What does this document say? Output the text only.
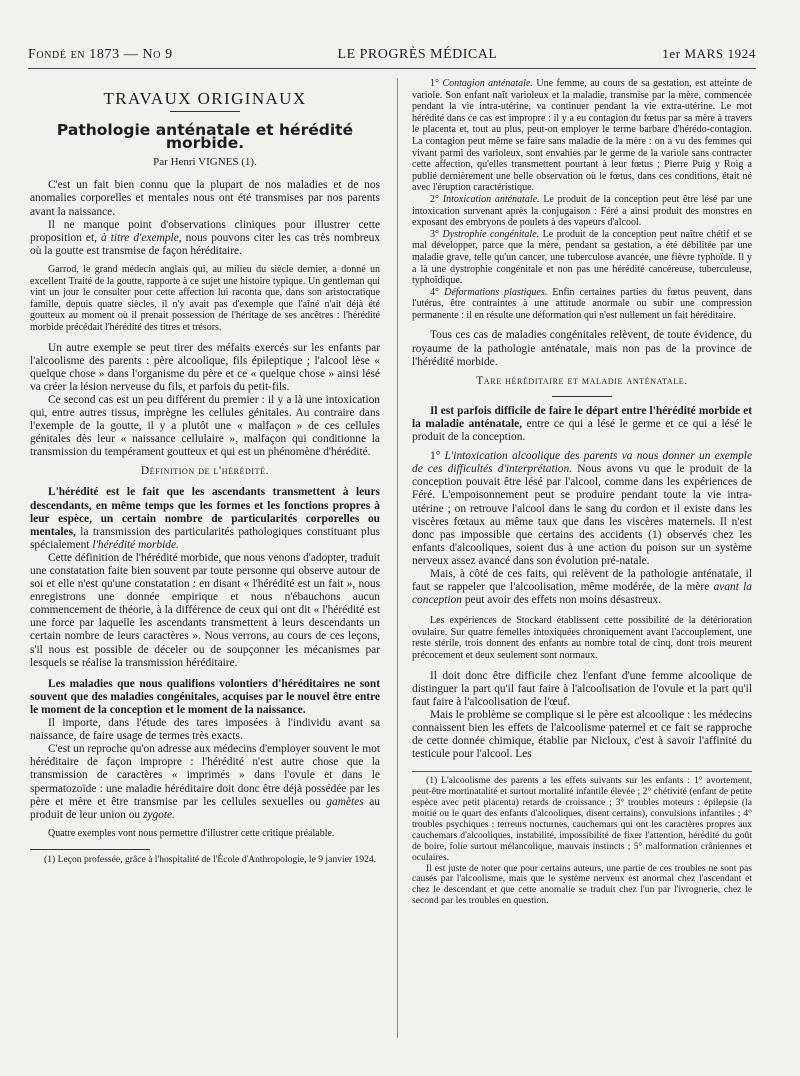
Fondé en 1873 — No 9	LE PROGRÈS MÉDICAL	1er MARS 1924
TRAVAUX ORIGINAUX
Pathologie anténatale et hérédité morbide.

Par Henri VIGNES (1).

C'est un fait bien connu que la plupart de nos maladies et de nos anomalies corporelles et mentales nous ont été transmises par nos parents avant la naissance.

Il ne manque point d'observations cliniques pour illustrer cette proposition et, à titre d'exemple, nous pouvons citer les cas très nombreux où la goutte est transmise de façon héréditaire.

Garrod, le grand médecin anglais qui, au milieu du siècle dernier, a donné un excellent Traité de la goutte, rapporte à ce sujet une histoire typique. Un gentleman qui vint un jour le consulter pour cette affection lui raconta que, dans son aristocratique famille, depuis quatre siècles, il n'y avait pas d'exemple que l'aîné n'ait déjà été goutteux au moment où il prenait possession de l'héritage de ses ancêtres : l'hérédité morbide précédait l'hérédité des titres et trésors.

Un autre exemple se peut tirer des méfaits exercés sur les enfants par l'alcoolisme des parents : père alcoolique, fils épileptique ; l'alcool lèse « quelque chose » dans l'organisme du père et ce « quelque chose » ainsi lésé va créer la lésion nerveuse du fils, et parfois du petit-fils.

Ce second cas est un peu différent du premier : il y a là une intoxication qui, entre autres tissus, imprègne les cellules génitales. Au contraire dans l'exemple de la goutte, il y a plutôt une « malfaçon » de ces cellules génitales dès leur « naissance cellulaire », malfaçon qui conditionne la transmission du tempérament goutteux et qui est un phénomène d'hérédité.

Définition de l'hérédité.

L'hérédité est le fait que les ascendants transmettent à leurs descendants, en même temps que les formes et les fonctions propres à leur espèce, un certain nombre de particularités corporelles ou mentales, la transmission des particularités pathologiques constituant plus spécialement l'hérédité morbide.

Cette définition de l'hérédité morbide, que nous venons d'adopter, traduit une constatation faite bien souvent par toute personne qui observe autour de soi et elle n'est qu'une constatation : en disant « l'hérédité est un fait », nous enregistrons une donnée empirique et nous n'ébauchons aucun commencement de théorie, à la différence de ceux qui ont dit « l'hérédité est une force par laquelle les ascendants transmettent à leurs descendants un certain nombre de leurs caractères ». Nous verrons, au cours de ces leçons, s'il nous est possible de déceler ou de soupçonner les mécanismes par lesquels se réalise la transmission héréditaire.

Les maladies que nous qualifions volontiers d'héréditaires ne sont souvent que des maladies congénitales, acquises par le nouvel être entre le moment de la conception et le moment de la naissance.

Il importe, dans l'étude des tares imposées à l'individu avant sa naissance, de faire usage de termes très exacts.

C'est un reproche qu'on adresse aux médecins d'employer souvent le mot héréditaire de façon impropre : l'hérédité n'est autre chose que la transmission de caractères « imprimés » dans l'ovule et dans le spermatozoïde : une maladie héréditaire doit donc être déjà possédée par les père et mère et être transmise par les cellules sexuelles ou gamètes au produit de leur union ou zygote.

Quatre exemples vont nous permettre d'illustrer cette critique préalable.

(1) Leçon professée, grâce à l'hospitalité de l'École d'Anthropologie, le 9 janvier 1924.

1° Contagion anténatale. Une femme, au cours de sa gestation, est atteinte de variole. Son enfant naît varioleux et la maladie, transmise par la mère, commencée pendant la vie intra-utérine, va continuer pendant la vie extra-utérine. Le mot hérédité dans ce cas est impropre : il y a eu contagion du fœtus par sa mère à travers le placenta et, tout au plus, peut-on employer le terme barbare d'hérédo-contagion. La contagion peut même se faire sans maladie de la mère : on a vu des femmes qui vivant parmi des varioleux, sont envahies par le germe de la variole sans contracter cette affection, qu'elles transmettent pourtant à leur fœtus ; Pierre Puig y Roig a publié dernièrement une belle observation où le fœtus, dans ces conditions, était né avec l'éruption caractéristique.

2° Intoxication anténatale. Le produit de la conception peut être lésé par une intoxication survenant après la conjugaison : Féré a ainsi produit des monstres en exposant des embryons de poulets à des vapeurs d'alcool.

3° Dystrophie congénitale. Le produit de la conception peut naître chétif et se mal développer, parce que la mère, pendant sa gestation, a été débilitée par une maladie grave, telle qu'un cancer, une tuberculose avancée, une fièvre typhoïde. Il y a là une dystrophie congénitale et non pas une hérédité cancéreuse, tuberculeuse, typhoïdique.

4° Déformations plastiques. Enfin certaines parties du fœtus peuvent, dans l'utérus, être contraintes à une attitude anormale ou subir une compression permanente : il en résulte une déformation qui n'est nullement un fait héréditaire.

Tous ces cas de maladies congénitales relèvent, de toute évidence, du royaume de la pathologie anténatale, mais non pas de la province de l'hérédité morbide.

Tare héréditaire et maladie anténatale.

Il est parfois difficile de faire le départ entre l'hérédité morbide et la maladie anténatale, entre ce qui a lésé le germe et ce qui a lésé le produit de la conception.

1° L'intoxication alcoolique des parents va nous donner un exemple de ces difficultés d'interprétation. Nous avons vu que le produit de la conception pouvait être lésé par l'alcool, comme dans les expériences de Féré. L'empoisonnement peut se produire pendant toute la vie intra-utérine ; on retrouve l'alcool dans le sang du cordon et il existe dans les viscères fœtaux au même taux que dans les viscères maternels. Il n'est donc pas impossible que certains des accidents (1) observés chez les enfants d'alcooliques, soient dus à une action du poison sur un système nerveux assez avancé dans son évolution pré-natale.

Mais, à côté de ces faits, qui relèvent de la pathologie anténatale, il faut se rappeler que l'alcoolisation, même modérée, de la mère avant la conception peut avoir des effets non moins désastreux.

Les expériences de Stockard établissent cette possibilité de la détérioration ovulaire. Sur quatre femelles intoxiquées chroniquement avant l'accouplement, une reste stérile, trois donnent des enfants au nombre total de cinq, dont trois meurent précocement et deux seulement sont normaux.

Il doit donc être difficile chez l'enfant d'une femme alcoolique de distinguer la part qu'il faut faire à l'alcoolisation de l'ovule et la part qu'il faut faire à l'alcoolisation de l'œuf.

Mais le problème se complique si le père est alcoolique : les médecins connaissent bien les effets de l'alcoolisme paternel et ce fait se rapproche de cette donnée chimique, établie par Nicloux, c'est à savoir l'affinité du testicule pour l'alcool. Les

(1) L'alcoolisme des parents a les effets suivants sur les enfants : 1° avortement, peut-être mortinatalité et surtout mortalité infantile élevée ; 2° chétivité (enfant de petite espèce avec petit placenta) retards de croissance ; 3° troubles moteurs : épilepsie (la moitié ou le quart des enfants d'alcooliques, disent certains), convulsions infantiles ; 4° troubles psychiques : terreurs nocturnes, cauchemars qui ont les caractères propres aux cauchemars d'alcooliques, instabilité, impossibilité de fixer l'attention, hérédité du goût de boire, folie surtout mélancolique, mauvais instincts ; 5° malformation crâniennes et oculaires.

Il est juste de noter que pour certains auteurs, une partie de ces troubles ne sont pas causés par l'alcoolisme, mais que le système nerveux est anormal chez l'ascendant et chez le descendant et que cette anomalie se traduit chez l'un par l'ivrognerie, chez le second par les troubles en question.
